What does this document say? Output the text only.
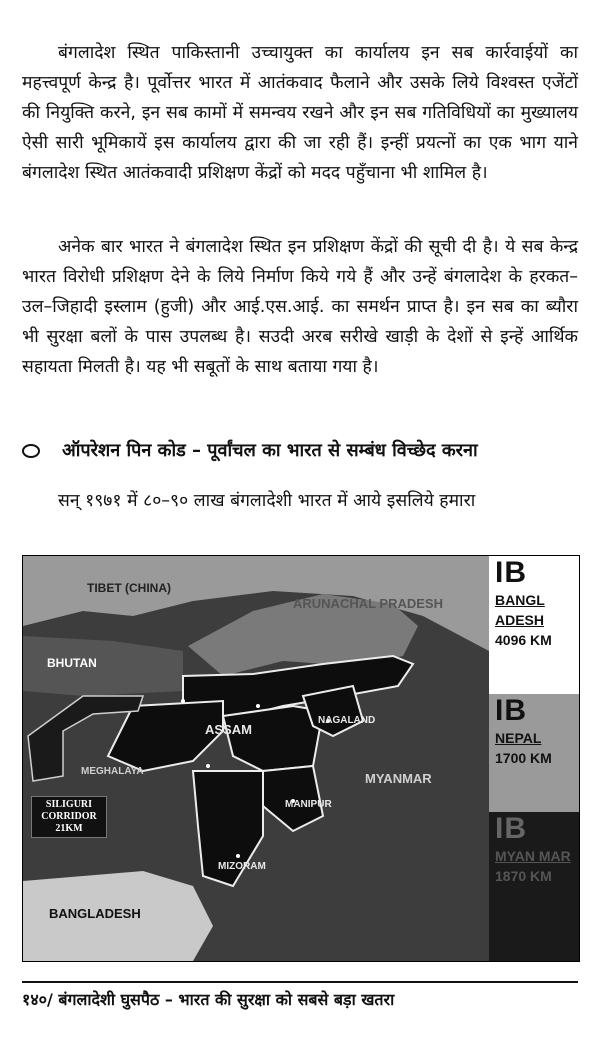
बंगलादेश स्थित पाकिस्तानी उच्चायुक्त का कार्यालय इन सब कार्रवाईयों का महत्त्वपूर्ण केन्द्र है। पूर्वोत्तर भारत में आतंकवाद फैलाने और उसके लिये विश्वस्त एजेंटों की नियुक्ति करने, इन सब कामों में समन्वय रखने और इन सब गतिविधियों का मुख्यालय ऐसी सारी भूमिकायें इस कार्यालय द्वारा की जा रही हैं। इन्हीं प्रयत्नों का एक भाग याने बंगलादेश स्थित आतंकवादी प्रशिक्षण केंद्रों को मदद पहुँचाना भी शामिल है।

अनेक बार भारत ने बंगलादेश स्थित इन प्रशिक्षण केंद्रों की सूची दी है। ये सब केन्द्र भारत विरोधी प्रशिक्षण देने के लिये निर्माण किये गये हैं और उन्हें बंगलादेश के हरकत–उल–जिहादी इस्लाम (हुजी) और आई.एस.आई. का समर्थन प्राप्त है। इन सब का ब्यौरा भी सुरक्षा बलों के पास उपलब्ध है। सउदी अरब सरीखे खाड़ी के देशों से इन्हें आर्थिक सहायता मिलती है। यह भी सबूतों के साथ बताया गया है।

ऑपरेशन पिन कोड – पूर्वांचल का भारत से सम्बंध विच्छेद करना

सन् १९७१ में ८०–९० लाख बंगलादेशी भारत में आये इसलिये हमारा

TIBET (CHINA)
ARUNACHAL PRADESH
BHUTAN
ASSAM
NAGALAND
MEGHALAYA	MYANMAR
MANIPUR
MIZORAM
BANGLADESH
SILIGURI
CORRIDOR
21KM
IB
BANGL ADESH
4096 KM
IB
NEPAL
1700 KM
IB
MYAN MAR
1870 KM
१४०/ बंगलादेशी घुसपैठ – भारत की सुरक्षा को सबसे बड़ा खतरा
